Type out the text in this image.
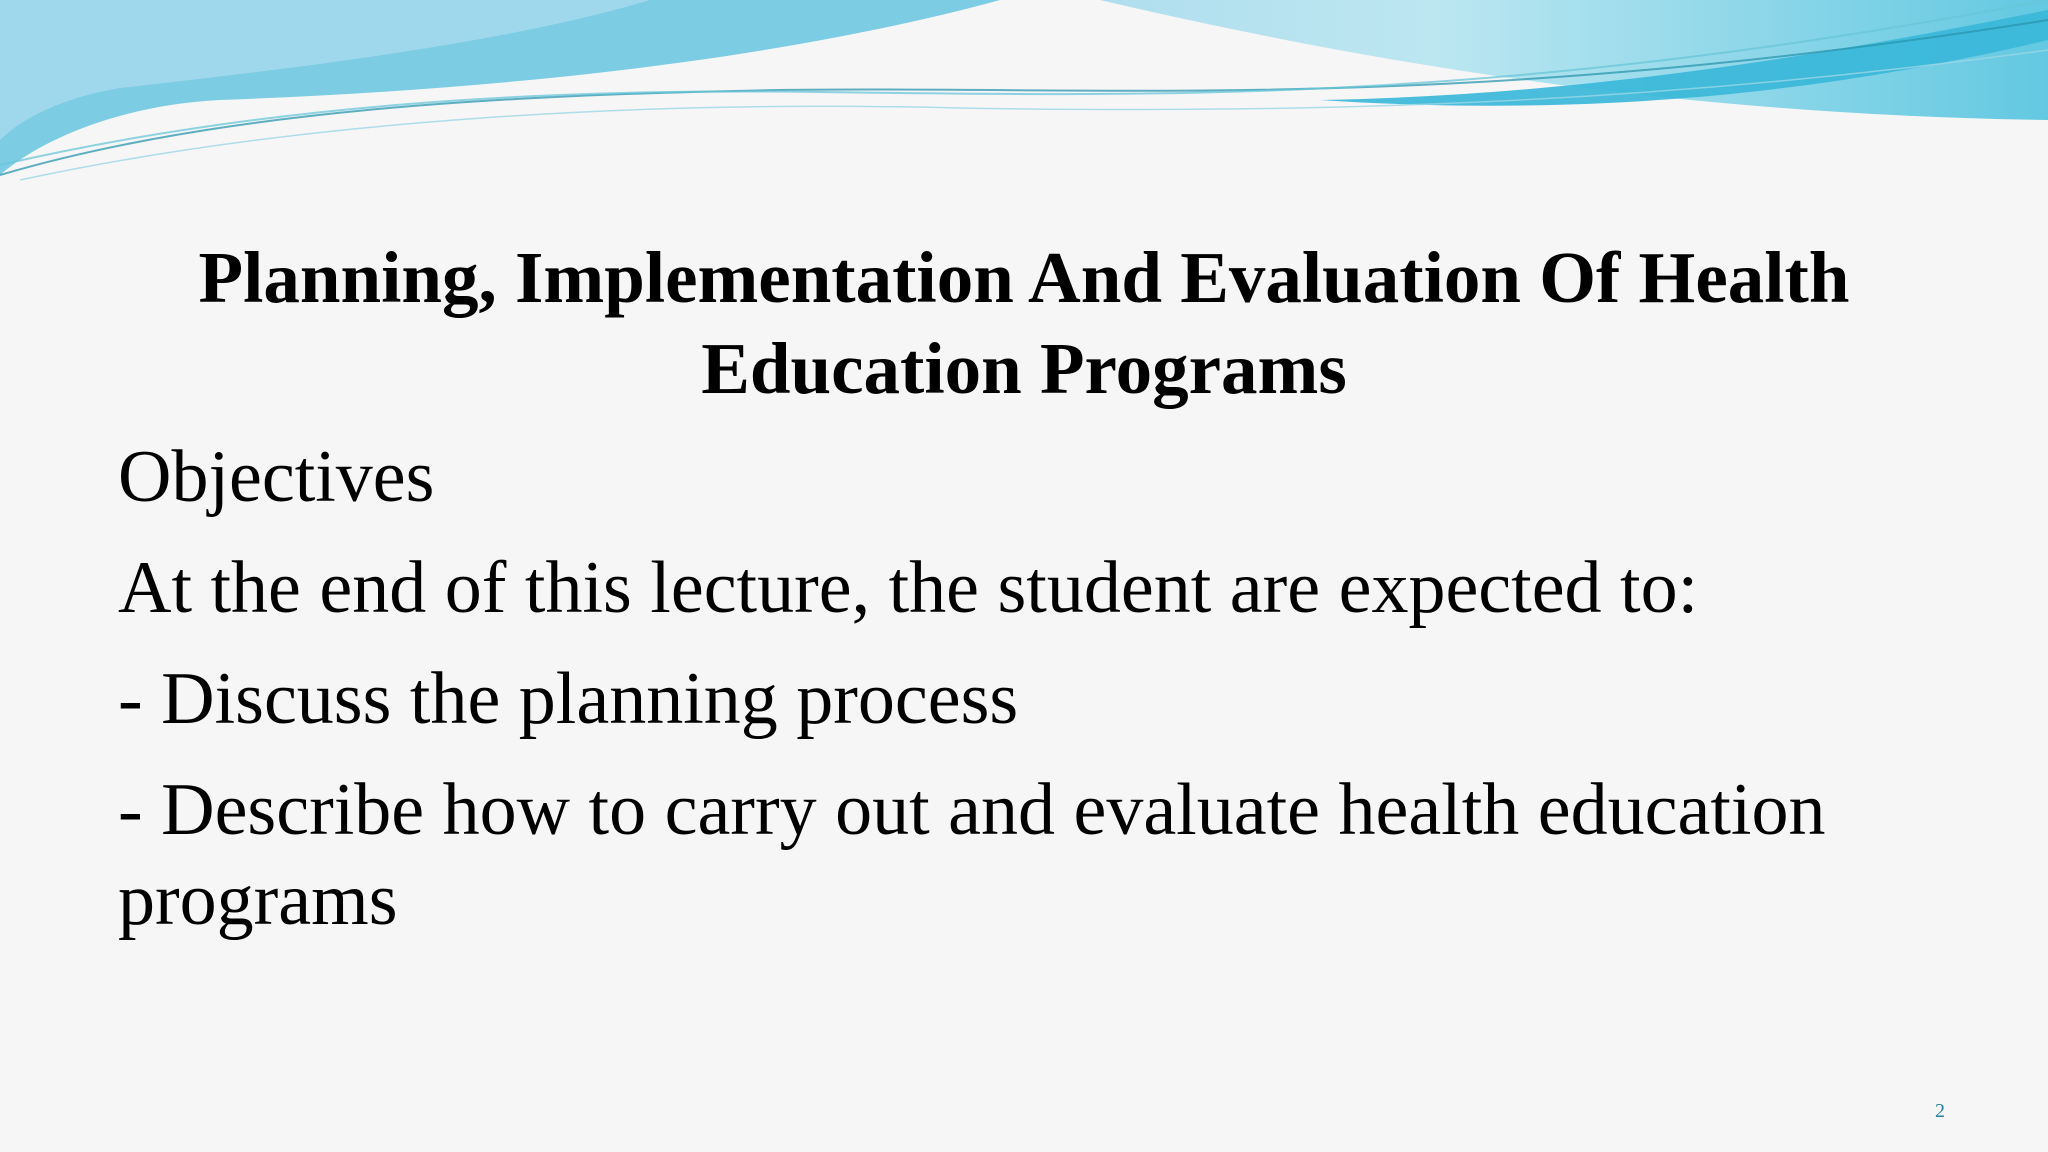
Planning, Implementation And Evaluation Of Health Education Programs
Objectives
At the end of this lecture, the student are expected to:
- Discuss the planning process
- Describe how to carry out and evaluate health education programs
2
